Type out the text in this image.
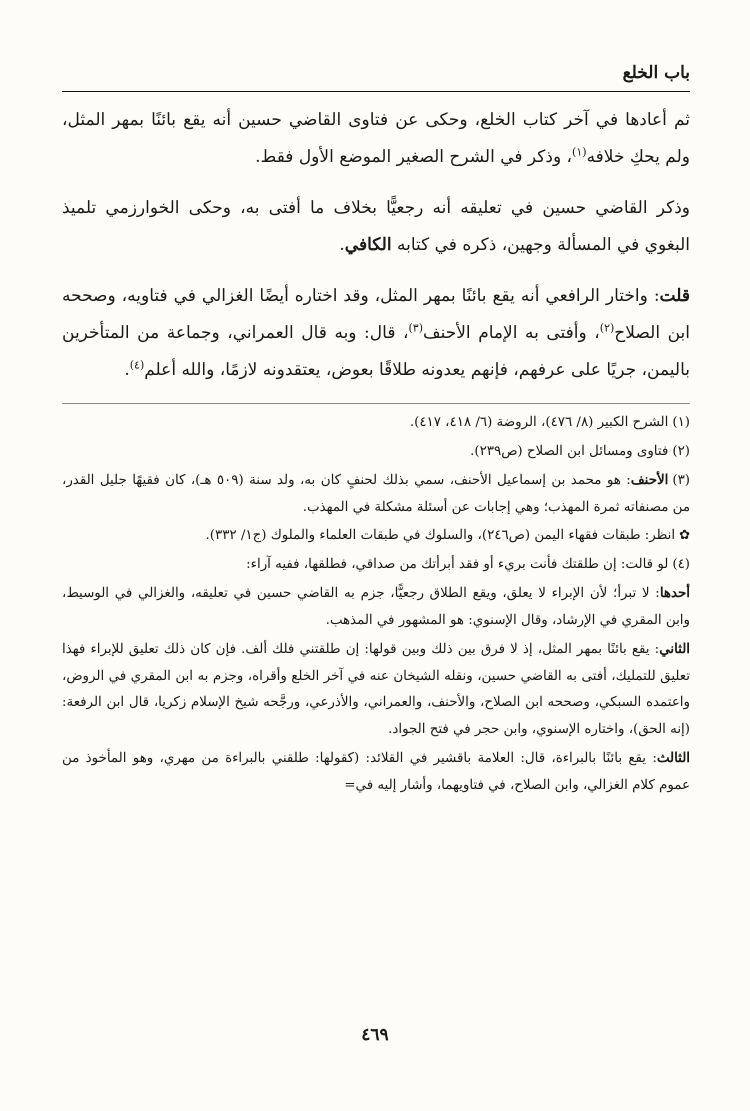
باب الخلع

ثم أعادها في آخر كتاب الخلع، وحكى عن فتاوى القاضي حسين أنه يقع بائنًا بمهر المثل، ولم يحكِ خلافه$^{(١)}$، وذكر في الشرح الصغير الموضع الأول فقط.

وذكر القاضي حسين في تعليقه أنه رجعيًّا بخلاف ما أفتى به، وحكى الخوارزمي تلميذ البغوي في المسألة وجهين، ذكره في كتابه الكافي.

قلت: واختار الرافعي أنه يقع بائنًا بمهر المثل، وقد اختاره أيضًا الغزالي في فتاويه، وصححه ابن الصلاح$^{(٢)}$، وأفتى به الإمام الأحنف$^{(٣)}$، قال: وبه قال العمراني، وجماعة من المتأخرين باليمن، جريًا على عرفهم، فإنهم يعدونه طلاقًا بعوض، يعتقدونه لازمًا، والله أعلم$^{(٤)}$.

(١)الشرح الكبير (٨/ ٤٧٦)، الروضة (٦/ ٤١٨، ٤١٧).

(٢)فتاوى ومسائل ابن الصلاح (ص٢٣٩).

(٣)الأحنف: هو محمد بن إسماعيل الأحنف، سمي بذلك لحنفٍ كان به، ولد سنة (٥٠٩ هـ)، كان فقيهًا جليل القدر، من مصنفاته ثمرة المهذب؛ وهي إجابات عن أسئلة مشكلة في المهذب.

✿انظر: طبقات فقهاء اليمن (ص٢٤٦)، والسلوك في طبقات العلماء والملوك (ج١/ ٣٣٢).

(٤)لو قالت: إن طلقتك فأنت بريء أو فقد أبرأتك من صداقي، فطلقها، ففيه آراء:

أحدها: لا تبرأ؛ لأن الإبراء لا يعلق، ويقع الطلاق رجعيًّا، جزم به القاضي حسين في تعليقه، والغزالي في الوسيط، وابن المقري في الإرشاد، وقال الإسنوي: هو المشهور في المذهب.

الثاني: يقع بائنًا بمهر المثل، إذ لا فرق بين ذلك وبين قولها: إن طلقتني فلك ألف. فإن كان ذلك تعليق للإبراء فهذا تعليق للتمليك، أفتى به القاضي حسين، ونقله الشيخان عنه في آخر الخلع وأقراه، وجزم به ابن المقري في الروض، واعتمده السبكي، وصححه ابن الصلاح، والأحنف، والعمراني، والأذرعي، ورجَّحه شيخ الإسلام زكريا، قال ابن الرفعة: (إنه الحق)، واختاره الإسنوي، وابن حجر في فتح الجواد.

الثالث: يقع بائنًا بالبراءة، قال: العلامة باقشير في القلائد: (كقولها: طلقني بالبراءة من مهري، وهو المأخوذ من عموم كلام الغزالي، وابن الصلاح، في فتاويهما، وأشار إليه في=

٤٦٩
